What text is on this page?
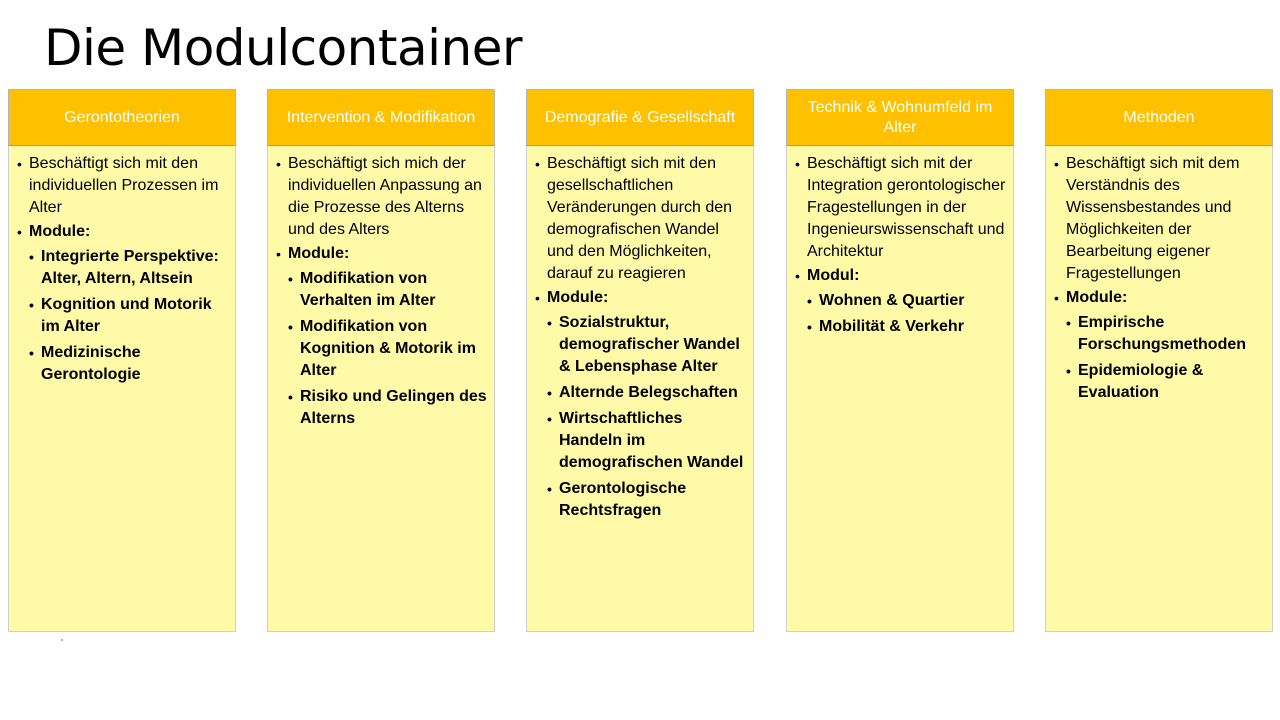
Die Modulcontainer
Gerontotheorien
• Beschäftigt sich mit den individuellen Prozessen im Alter
• Module:
• Integrierte Perspektive: Alter, Altern, Altsein
• Kognition und Motorik im Alter
• Medizinische Gerontologie
Intervention & Modifikation
• Beschäftigt sich mich der individuellen Anpassung an die Prozesse des Alterns und des Alters
• Module:
• Modifikation von Verhalten im Alter
• Modifikation von Kognition & Motorik im Alter
• Risiko und Gelingen des Alterns
Demografie & Gesellschaft
• Beschäftigt sich mit den gesellschaftlichen Veränderungen durch den demografischen Wandel und den Möglichkeiten, darauf zu reagieren
• Module:
• Sozialstruktur, demografischer Wandel & Lebensphase Alter
• Alternde Belegschaften
• Wirtschaftliches Handeln im demografischen Wandel
• Gerontologische Rechtsfragen
Technik & Wohnumfeld im Alter
• Beschäftigt sich mit der Integration gerontologischer Fragestellungen in der Ingenieurswissenschaft und Architektur
• Modul:
• Wohnen & Quartier
• Mobilität & Verkehr
Methoden
• Beschäftigt sich mit dem Verständnis des Wissensbestandes und Möglichkeiten der Bearbeitung eigener Fragestellungen
• Module:
• Empirische Forschungsmethoden
• Epidemiologie & Evaluation
